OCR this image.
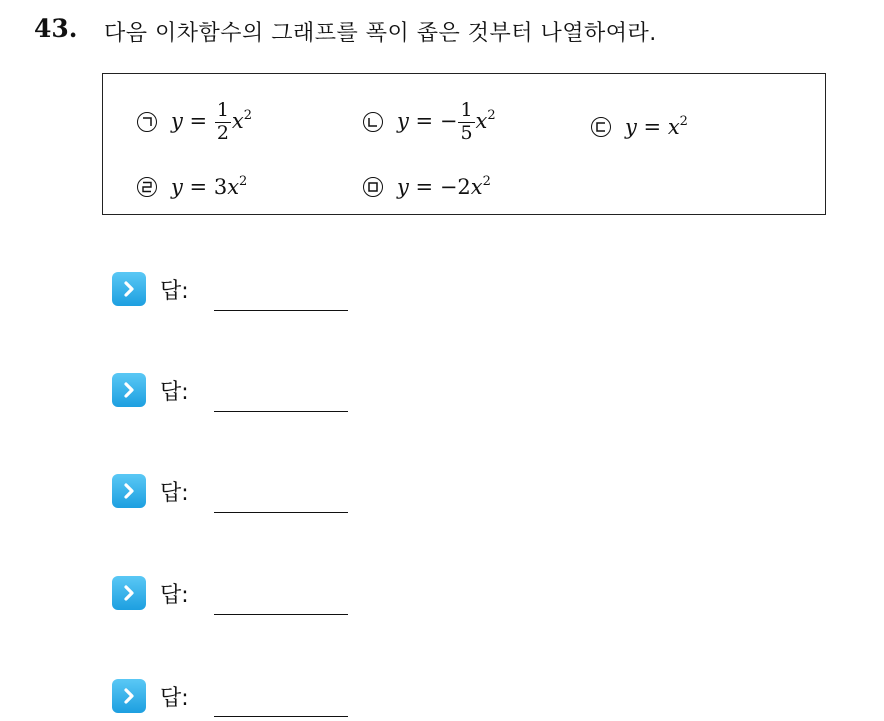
43. 다음 이차함수의 그래프를 폭이 좁은 것부터 나열하여라.
$y = \frac{1}{2} x^2$	y = − $\frac{1}{5} x^2$	$y = x^2$
$y = 3x^2$	$y = -2x^2$
답:
답:
답:
답:
답:
